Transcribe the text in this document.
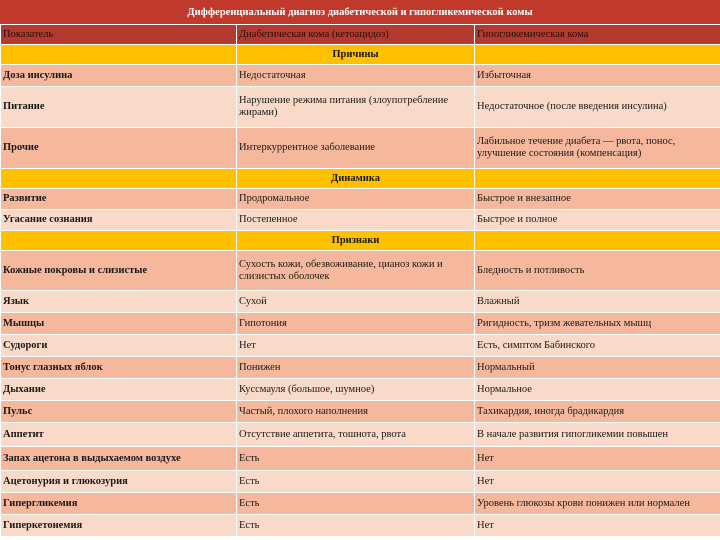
Дифференциальный диагноз диабетической и гипогликемической комы
Показатель	Диабетическая кома (кетоацидоз)	Гипогликемическая кома
	Причины	
Доза инсулина	Недостаточная	Избыточная
Питание	Нарушение режима питания (злоупотребление жирами)	Недостаточное (после введения инсулина)
Прочие	Интеркуррентное заболевание	Лабильное течение диабета — рвота, понос, улучшение состояния (компенсация)
	Динамика	
Развитие	Продромальное	Быстрое и внезапное
Угасание сознания	Постепенное	Быстрое и полное
	Признаки	
Кожные покровы и слизистые	Сухость кожи, обезвоживание, цианоз кожи и слизистых оболочек	Бледность и потливость
Язык	Сухой	Влажный
Мышцы	Гипотония	Ригидность, тризм жевательных мышц
Судороги	Нет	Есть, симптом Бабинского
Тонус глазных яблок	Понижен	Нормальный
Дыхание	Куссмауля (большое, шумное)	Нормальное
Пульс	Частый, плохого наполнения	Тахикардия, иногда брадикардия
Аппетит	Отсутствие аппетита, тошнота, рвота	В начале развития гипогликемии повышен
Запах ацетона в выдыхаемом воздухе	Есть	Нет
Ацетонурия и глюкозурия	Есть	Нет
Гипергликемия	Есть	Уровень глюкозы крови понижен или нормален
Гиперкетонемия	Есть	Нет
